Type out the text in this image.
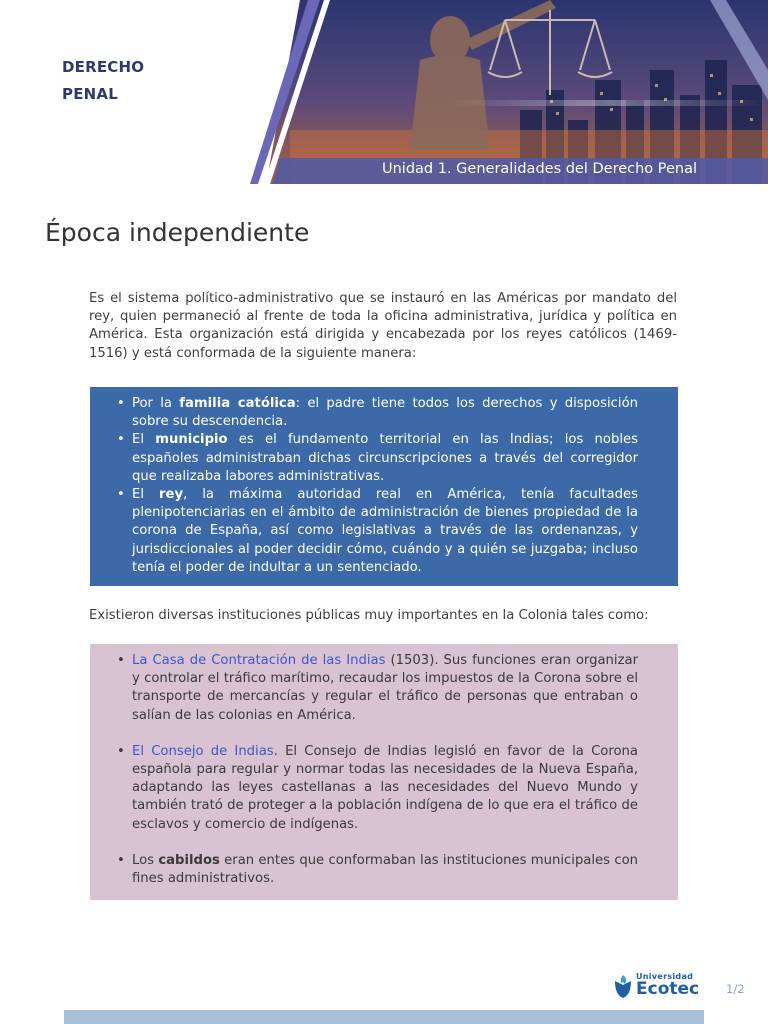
DERECHO
PENAL
Unidad 1. Generalidades del Derecho Penal
Época independiente

Es el sistema político-administrativo que se instauró en las Américas por mandato del rey, quien permaneció al frente de toda la oficina administrativa, jurídica y política en América. Esta organización está dirigida y encabezada por los reyes católicos (1469-1516) y está conformada de la siguiente manera:

• Por la familia católica: el padre tiene todos los derechos y disposición sobre su descendencia.
• El municipio es el fundamento territorial en las Indias; los nobles españoles administraban dichas circunscripciones a través del corregidor que realizaba labores administrativas.
• El rey, la máxima autoridad real en América, tenía facultades plenipotenciarias en el ámbito de administración de bienes propiedad de la corona de España, así como legislativas a través de las ordenanzas, y jurisdiccionales al poder decidir cómo, cuándo y a quién se juzgaba; incluso tenía el poder de indultar a un sentenciado.

Existieron diversas instituciones públicas muy importantes en la Colonia tales como:

• La Casa de Contratación de las Indias (1503). Sus funciones eran organizar y controlar el tráfico marítimo, recaudar los impuestos de la Corona sobre el transporte de mercancías y regular el tráfico de personas que entraban o salían de las colonias en América.
• El Consejo de Indias. El Consejo de Indias legisló en favor de la Corona española para regular y normar todas las necesidades de la Nueva España, adaptando las leyes castellanas a las necesidades del Nuevo Mundo y también trató de proteger a la población indígena de lo que era el tráfico de esclavos y comercio de indígenas.
• Los cabildos eran entes que conformaban las instituciones municipales con fines administrativos.
Universidad
Ecotec 1/2
